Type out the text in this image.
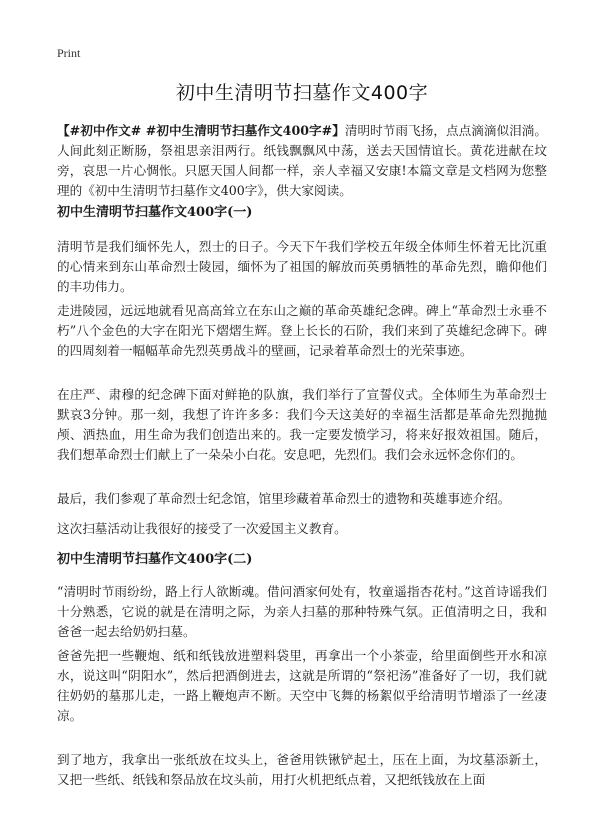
Print
初中生清明节扫墓作文400字
【#初中作文# #初中生清明节扫墓作文400字#】清明时节雨飞扬，点点滴滴似泪淌。人间此刻正断肠，祭祖思亲泪两行。纸钱飘飘风中荡，送去天国情谊长。黄花进献在坟旁，哀思一片心惆怅。只愿天国人间都一样，亲人幸福又安康!本篇文章是文档网为您整理的《初中生清明节扫墓作文400字》，供大家阅读。
初中生清明节扫墓作文400字(一)
清明节是我们缅怀先人，烈士的日子。今天下午我们学校五年级全体师生怀着无比沉重的心情来到东山革命烈士陵园，缅怀为了祖国的解放而英勇牺牲的革命先烈，瞻仰他们的丰功伟力。
走进陵园，远远地就看见高高耸立在东山之巅的革命英雄纪念碑。碑上“革命烈士永垂不朽”八个金色的大字在阳光下熠熠生辉。登上长长的石阶，我们来到了英雄纪念碑下。碑的四周刻着一幅幅革命先烈英勇战斗的壁画，记录着革命烈士的光荣事迹。
在庄严、肃穆的纪念碑下面对鲜艳的队旗，我们举行了宣誓仪式。全体师生为革命烈士默哀3分钟。那一刻，我想了许许多多：我们今天这美好的幸福生活都是革命先烈抛抛颅、洒热血，用生命为我们创造出来的。我一定要发愤学习，将来好报效祖国。随后，我们想革命烈士们献上了一朵朵小白花。安息吧，先烈们。我们会永远怀念你们的。
最后，我们参观了革命烈士纪念馆，馆里珍藏着革命烈士的遗物和英雄事迹介绍。
这次扫墓活动让我很好的接受了一次爱国主义教育。
初中生清明节扫墓作文400字(二)
“清明时节雨纷纷，路上行人欲断魂。借问酒家何处有，牧童遥指杏花村。”这首诗谣我们十分熟悉，它说的就是在清明之际，为亲人扫墓的那种特殊气氛。正值清明之日，我和爸爸一起去给奶奶扫墓。
爸爸先把一些鞭炮、纸和纸钱放进塑料袋里，再拿出一个小茶壶，给里面倒些开水和凉水，说这叫“阴阳水”，然后把酒倒进去，这就是所谓的“祭祀汤”准备好了一切，我们就往奶奶的墓那儿走，一路上鞭炮声不断。天空中飞舞的杨絮似乎给清明节增添了一丝凄凉。
到了地方，我拿出一张纸放在坟头上，爸爸用铁锹铲起土，压在上面，为坟墓添新土，又把一些纸、纸钱和祭品放在坟头前，用打火机把纸点着，又把纸钱放在上面
